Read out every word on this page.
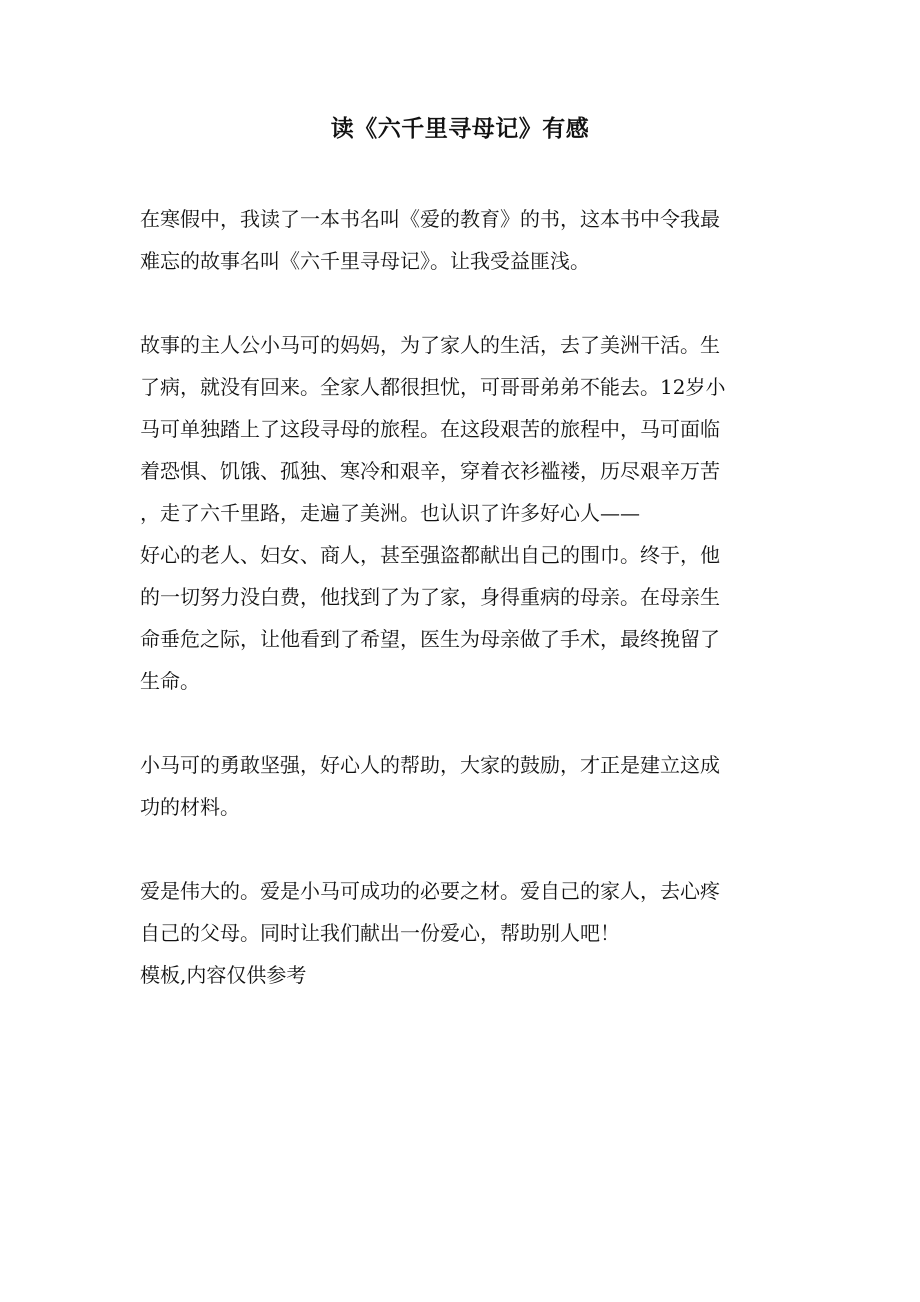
读《六千里寻母记》有感

在寒假中，我读了一本书名叫《爱的教育》的书，这本书中令我最
难忘的故事名叫《六千里寻母记》。让我受益匪浅。

故事的主人公小马可的妈妈，为了家人的生活，去了美洲干活。生
了病，就没有回来。全家人都很担忧，可哥哥弟弟不能去。12岁小
马可单独踏上了这段寻母的旅程。在这段艰苦的旅程中，马可面临
着恐惧、饥饿、孤独、寒冷和艰辛，穿着衣衫褴褛，历尽艰辛万苦
，走了六千里路，走遍了美洲。也认识了许多好心人——
好心的老人、妇女、商人，甚至强盗都献出自己的围巾。终于，他
的一切努力没白费，他找到了为了家，身得重病的母亲。在母亲生
命垂危之际，让他看到了希望，医生为母亲做了手术，最终挽留了
生命。

小马可的勇敢坚强，好心人的帮助，大家的鼓励，才正是建立这成
功的材料。

爱是伟大的。爱是小马可成功的必要之材。爱自己的家人，去心疼
自己的父母。同时让我们献出一份爱心，帮助别人吧！

模板,内容仅供参考
